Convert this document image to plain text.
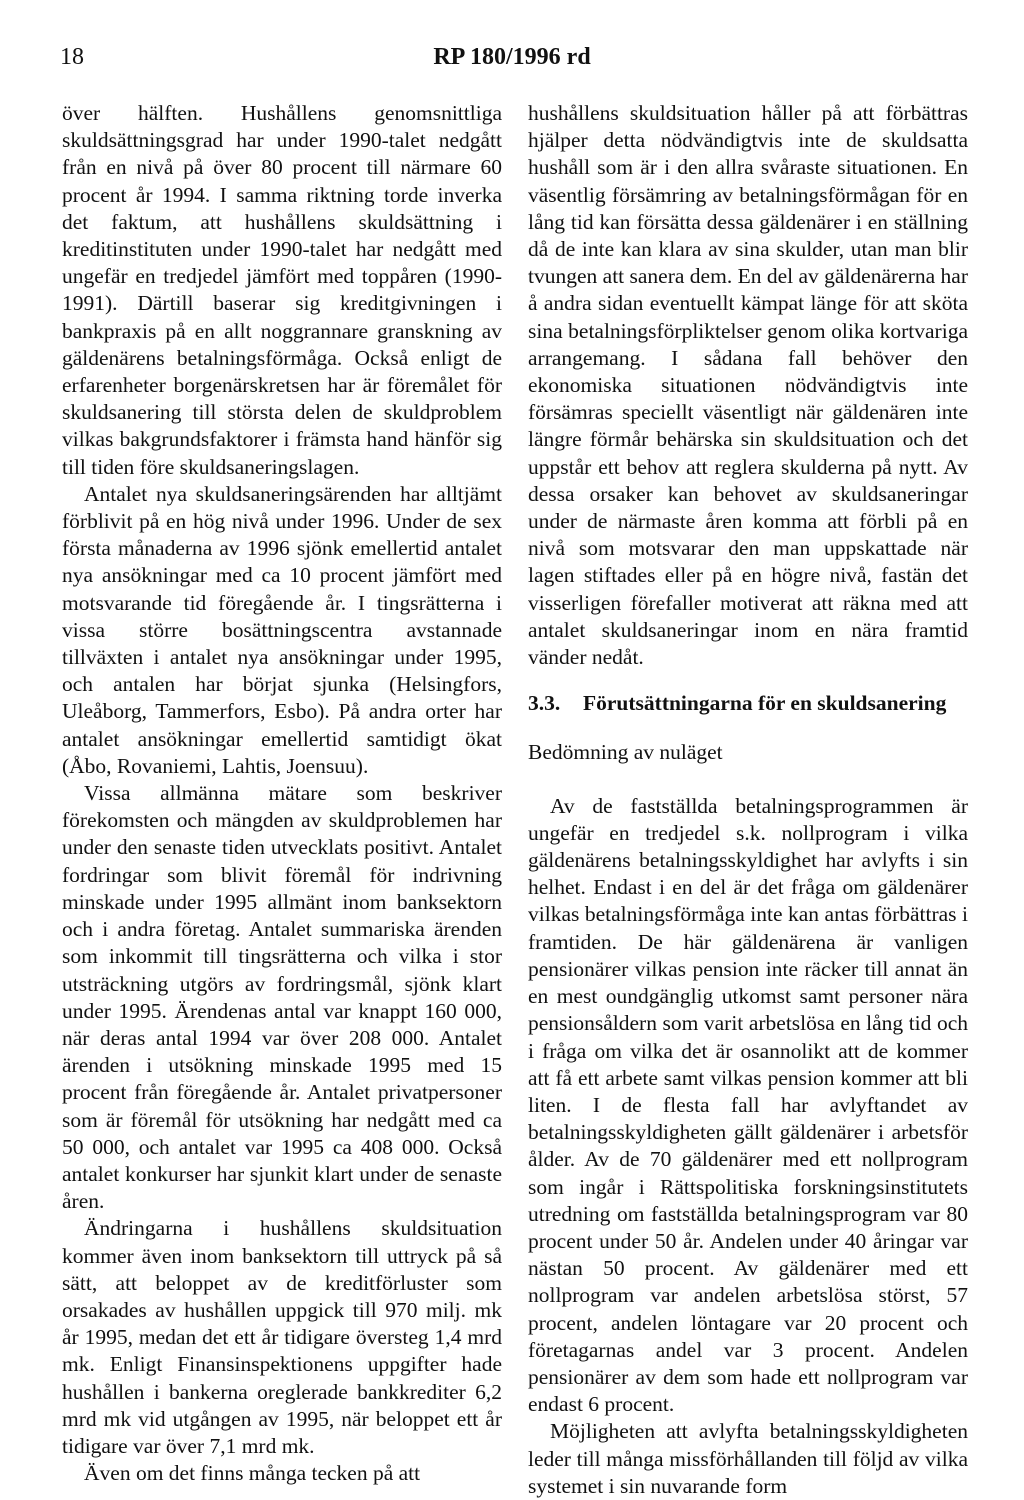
18	RP 180/1996 rd

över hälften. Hushållens genomsnittliga skuldsättningsgrad har under 1990-talet nedgått från en nivå på över 80 procent till närmare 60 procent år 1994. I samma riktning torde inverka det faktum, att hushållens skuldsättning i kreditinstituten under 1990-talet har nedgått med ungefär en tredjedel jämfört med toppåren (1990-1991). Därtill baserar sig kreditgivningen i bankpraxis på en allt noggrannare granskning av gäldenärens betalningsförmåga. Också enligt de erfarenheter borgenärskretsen har är föremålet för skuldsanering till största delen de skuldproblem vilkas bakgrundsfaktorer i främsta hand hänför sig till tiden före skuldsaneringslagen.

Antalet nya skuldsaneringsärenden har alltjämt förblivit på en hög nivå under 1996. Under de sex första månaderna av 1996 sjönk emellertid antalet nya ansökningar med ca 10 procent jämfört med motsvarande tid föregående år. I tingsrätterna i vissa större bosättningscentra avstannade tillväxten i antalet nya ansökningar under 1995, och antalen har börjat sjunka (Helsingfors, Uleåborg, Tammerfors, Esbo). På andra orter har antalet ansökningar emellertid samtidigt ökat (Åbo, Rovaniemi, Lahtis, Joensuu).

Vissa allmänna mätare som beskriver förekomsten och mängden av skuldproblemen har under den senaste tiden utvecklats positivt. Antalet fordringar som blivit föremål för indrivning minskade under 1995 allmänt inom banksektorn och i andra företag. Antalet summariska ärenden som inkommit till tingsrätterna och vilka i stor utsträckning utgörs av fordringsmål, sjönk klart under 1995. Ärendenas antal var knappt 160 000, när deras antal 1994 var över 208 000. Antalet ärenden i utsökning minskade 1995 med 15 procent från föregående år. Antalet privatpersoner som är föremål för utsökning har nedgått med ca 50 000, och antalet var 1995 ca 408 000. Också antalet konkurser har sjunkit klart under de senaste åren.

Ändringarna i hushållens skuldsituation kommer även inom banksektorn till uttryck på så sätt, att beloppet av de kreditförluster som orsakades av hushållen uppgick till 970 milj. mk år 1995, medan det ett år tidigare översteg 1,4 mrd mk. Enligt Finansinspektionens uppgifter hade hushållen i bankerna oreglerade bankkrediter 6,2 mrd mk vid utgången av 1995, när beloppet ett år tidigare var över 7,1 mrd mk.

Även om det finns många tecken på att

hushållens skuldsituation håller på att förbättras hjälper detta nödvändigtvis inte de skuldsatta hushåll som är i den allra svåraste situationen. En väsentlig försämring av betalningsförmågan för en lång tid kan försätta dessa gäldenärer i en ställning då de inte kan klara av sina skulder, utan man blir tvungen att sanera dem. En del av gäldenärerna har å andra sidan eventuellt kämpat länge för att sköta sina betalningsförpliktelser genom olika kortvariga arrangemang. I sådana fall behöver den ekonomiska situationen nödvändigtvis inte försämras speciellt väsentligt när gäldenären inte längre förmår behärska sin skuldsituation och det uppstår ett behov att reglera skulderna på nytt. Av dessa orsaker kan behovet av skuldsaneringar under de närmaste åren komma att förbli på en nivå som motsvarar den man uppskattade när lagen stiftades eller på en högre nivå, fastän det visserligen förefaller motiverat att räkna med att antalet skuldsaneringar inom en nära framtid vänder nedåt.

3.3. Förutsättningarna för en skuldsanering
Bedömning av nuläget

Av de fastställda betalningsprogrammen är ungefär en tredjedel s.k. nollprogram i vilka gäldenärens betalningsskyldighet har avlyfts i sin helhet. Endast i en del är det fråga om gäldenärer vilkas betalningsförmåga inte kan antas förbättras i framtiden. De här gäldenärena är vanligen pensionärer vilkas pension inte räcker till annat än en mest oundgänglig utkomst samt personer nära pensionsåldern som varit arbetslösa en lång tid och i fråga om vilka det är osannolikt att de kommer att få ett arbete samt vilkas pension kommer att bli liten. I de flesta fall har avlyftandet av betalningsskyldigheten gällt gäldenärer i arbetsför ålder. Av de 70 gäldenärer med ett nollprogram som ingår i Rättspolitiska forskningsinstitutets utredning om fastställda betalningsprogram var 80 procent under 50 år. Andelen under 40 åringar var nästan 50 procent. Av gäldenärer med ett nollprogram var andelen arbetslösa störst, 57 procent, andelen löntagare var 20 procent och företagarnas andel var 3 procent. Andelen pensionärer av dem som hade ett nollprogram var endast 6 procent.

Möjligheten att avlyfta betalningsskyldigheten leder till många missförhållanden till följd av vilka systemet i sin nuvarande form
